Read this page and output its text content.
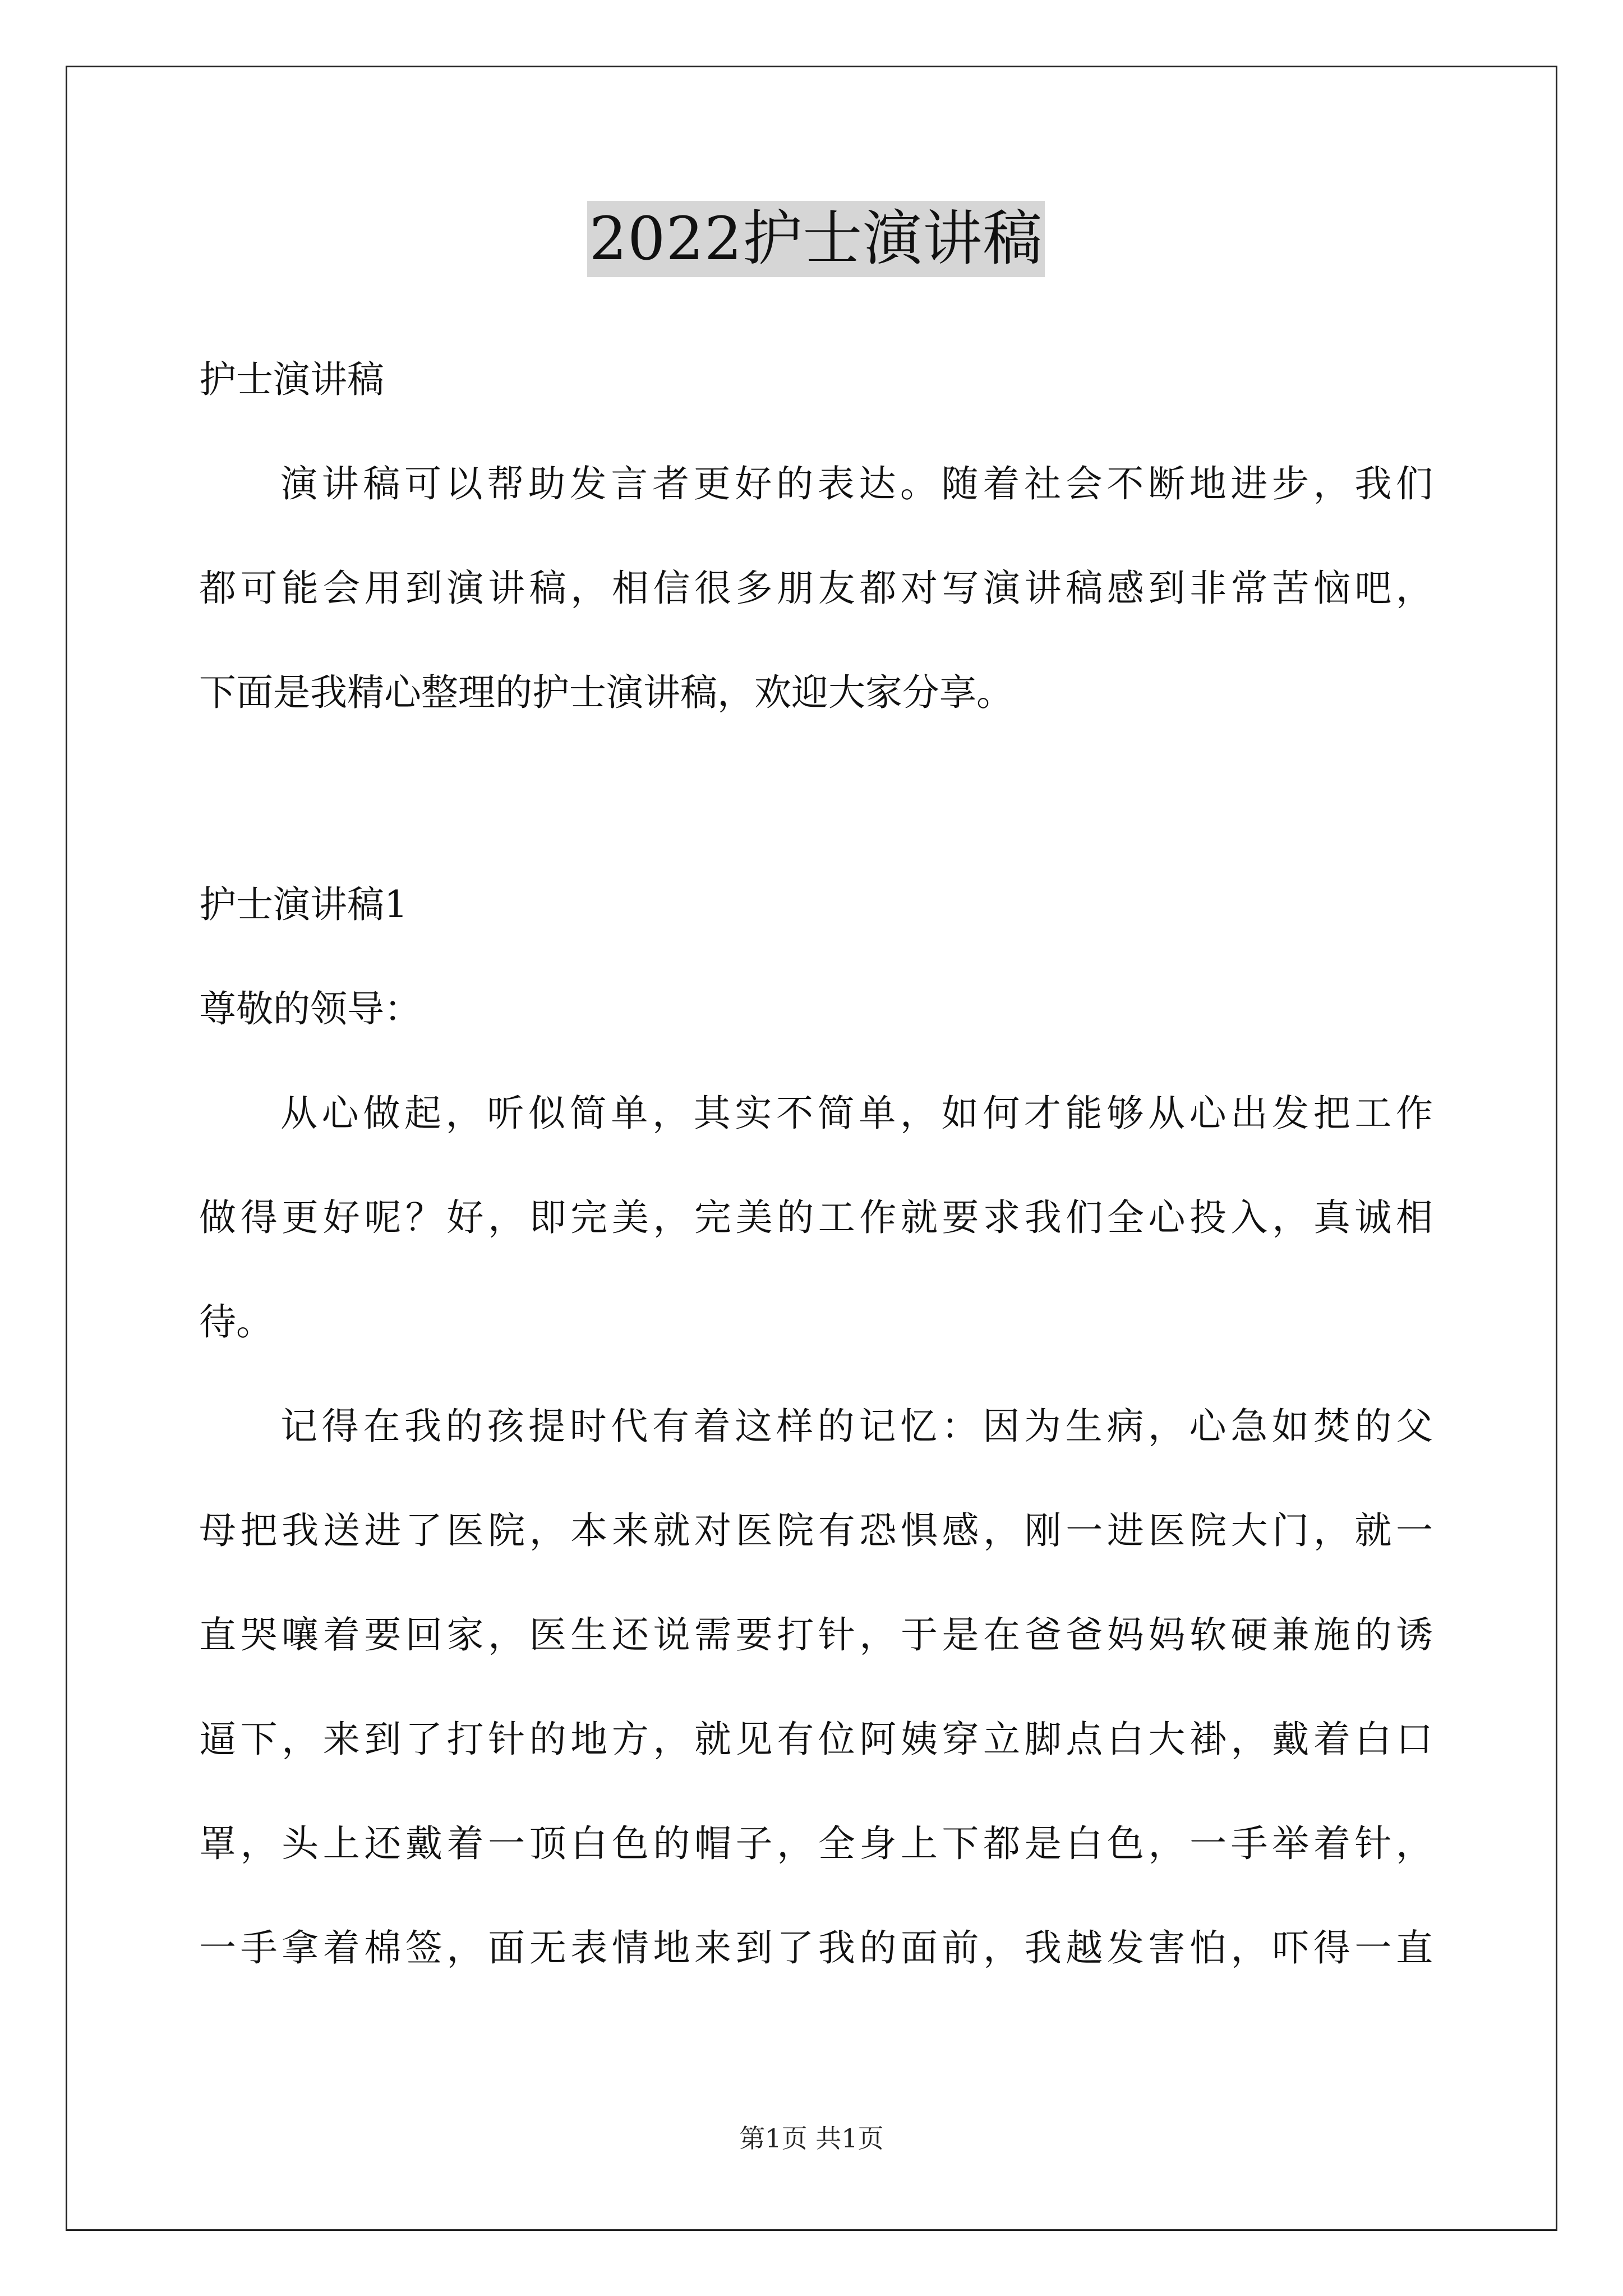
2022护士演讲稿
护士演讲稿
演讲稿可以帮助发言者更好的表达。随着社会不断地进步，我们
都可能会用到演讲稿，相信很多朋友都对写演讲稿感到非常苦恼吧，
下面是我精心整理的护士演讲稿，欢迎大家分享。
护士演讲稿1
尊敬的领导：
从心做起，听似简单，其实不简单，如何才能够从心出发把工作
做得更好呢？好，即完美，完美的工作就要求我们全心投入，真诚相
待。
记得在我的孩提时代有着这样的记忆：因为生病，心急如焚的父
母把我送进了医院，本来就对医院有恐惧感，刚一进医院大门，就一
直哭嚷着要回家，医生还说需要打针，于是在爸爸妈妈软硬兼施的诱
逼下，来到了打针的地方，就见有位阿姨穿立脚点白大褂，戴着白口
罩，头上还戴着一顶白色的帽子，全身上下都是白色，一手举着针，
一手拿着棉签，面无表情地来到了我的面前，我越发害怕，吓得一直
第1页 共1页
